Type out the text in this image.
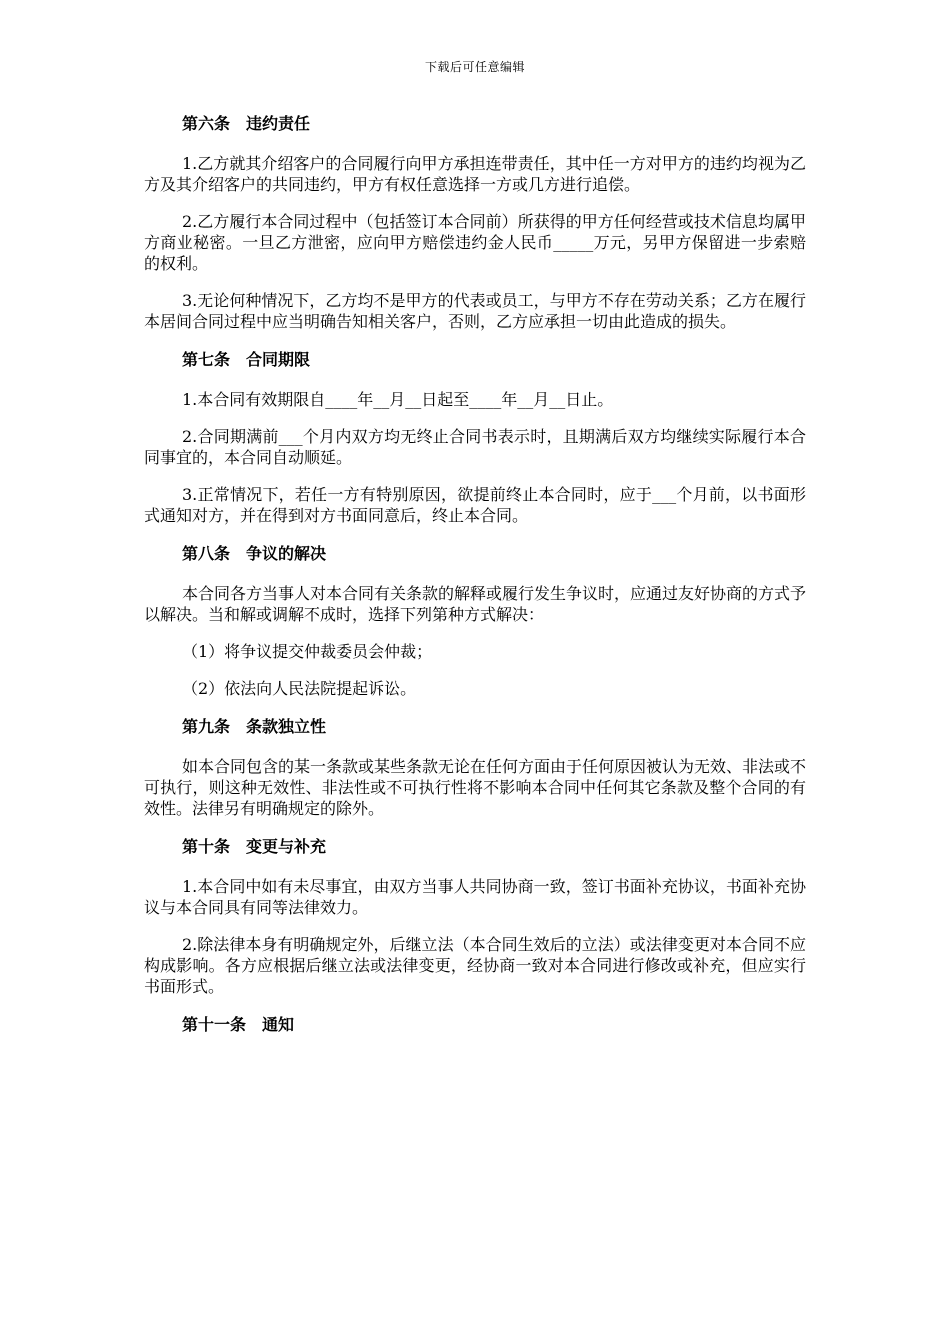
下载后可任意编辑
第六条　违约责任

1.乙方就其介绍客户的合同履行向甲方承担连带责任，其中任一方对甲方的违约均视为乙方及其介绍客户的共同违约，甲方有权任意选择一方或几方进行追偿。

2.乙方履行本合同过程中（包括签订本合同前）所获得的甲方任何经营或技术信息均属甲方商业秘密。一旦乙方泄密，应向甲方赔偿违约金人民币_____万元，另甲方保留进一步索赔的权利。

3.无论何种情况下，乙方均不是甲方的代表或员工，与甲方不存在劳动关系；乙方在履行本居间合同过程中应当明确告知相关客户，否则，乙方应承担一切由此造成的损失。

第七条　合同期限

1.本合同有效期限自____年__月__日起至____年__月__日止。

2.合同期满前___个月内双方均无终止合同书表示时，且期满后双方均继续实际履行本合同事宜的，本合同自动顺延。

3.正常情况下，若任一方有特别原因，欲提前终止本合同时，应于___个月前，以书面形式通知对方，并在得到对方书面同意后，终止本合同。

第八条　争议的解决

本合同各方当事人对本合同有关条款的解释或履行发生争议时，应通过友好协商的方式予以解决。当和解或调解不成时，选择下列第种方式解决：

（1）将争议提交仲裁委员会仲裁；

（2）依法向人民法院提起诉讼。

第九条　条款独立性

如本合同包含的某一条款或某些条款无论在任何方面由于任何原因被认为无效、非法或不可执行，则这种无效性、非法性或不可执行性将不影响本合同中任何其它条款及整个合同的有效性。法律另有明确规定的除外。

第十条　变更与补充

1.本合同中如有未尽事宜，由双方当事人共同协商一致，签订书面补充协议，书面补充协议与本合同具有同等法律效力。

2.除法律本身有明确规定外，后继立法（本合同生效后的立法）或法律变更对本合同不应构成影响。各方应根据后继立法或法律变更，经协商一致对本合同进行修改或补充，但应实行书面形式。

第十一条　通知
